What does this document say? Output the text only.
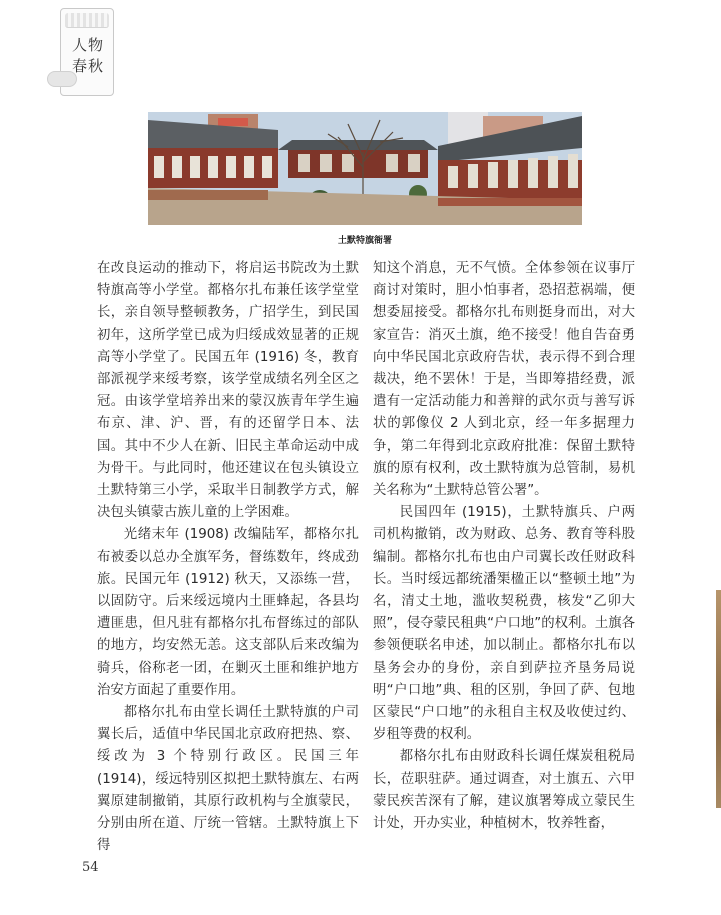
人物
春秋
土默特旗衙署

在改良运动的推动下，将启运书院改为土默特旗高等小学堂。都格尔扎布兼任该学堂堂长，亲自领导整顿教务，广招学生，到民国初年，这所学堂已成为归绥成效显著的正规高等小学堂了。民国五年 (1916) 冬，教育部派视学来绥考察，该学堂成绩名列全区之冠。由该学堂培养出来的蒙汉族青年学生遍布京、津、沪、晋，有的还留学日本、法国。其中不少人在新、旧民主革命运动中成为骨干。与此同时，他还建议在包头镇设立土默特第三小学，采取半日制教学方式，解决包头镇蒙古族儿童的上学困难。

光绪末年 (1908) 改编陆军，都格尔扎布被委以总办全旗军务，督练数年，终成劲旅。民国元年 (1912) 秋天，又添练一营，以固防守。后来绥远境内土匪蜂起，各县均遭匪患，但凡驻有都格尔扎布督练过的部队的地方，均安然无恙。这支部队后来改编为骑兵，俗称老一团，在剿灭土匪和维护地方治安方面起了重要作用。

都格尔扎布由堂长调任土默特旗的户司翼长后，适值中华民国北京政府把热、察、绥改为 3 个特别行政区。民国三年 (1914)，绥远特别区拟把土默特旗左、右两翼原建制撤销，其原行政机构与全旗蒙民，分别由所在道、厅统一管辖。土默特旗上下得

知这个消息，无不气愤。全体参领在议事厅商讨对策时，胆小怕事者，恐招惹祸端，便想委屈接受。都格尔扎布则挺身而出，对大家宣告：消灭土旗，绝不接受！他自告奋勇向中华民国北京政府告状，表示得不到合理裁决，绝不罢休！于是，当即筹措经费，派遣有一定活动能力和善辩的武尔贡与善写诉状的郭像仪 2 人到北京，经一年多据理力争，第二年得到北京政府批准：保留土默特旗的原有权利，改土默特旗为总管制，易机关名称为“土默特总管公署”。

民国四年 (1915)，土默特旗兵、户两司机构撤销，改为财政、总务、教育等科股编制。都格尔扎布也由户司翼长改任财政科长。当时绥远都统潘榘楹正以“整顿土地”为名，清丈土地，滥收契税费，核发“乙卯大照”，侵夺蒙民租典“户口地”的权利。土旗各参领便联名申述，加以制止。都格尔扎布以垦务会办的身份，亲自到萨拉齐垦务局说明“户口地”典、租的区别，争回了萨、包地区蒙民“户口地”的永租自主权及收使过约、岁租等费的权利。

都格尔扎布由财政科长调任煤炭租税局长，莅职驻萨。通过调查，对土旗五、六甲蒙民疾苦深有了解，建议旗署筹成立蒙民生计处，开办实业，种植树木，牧养牲畜，

54
